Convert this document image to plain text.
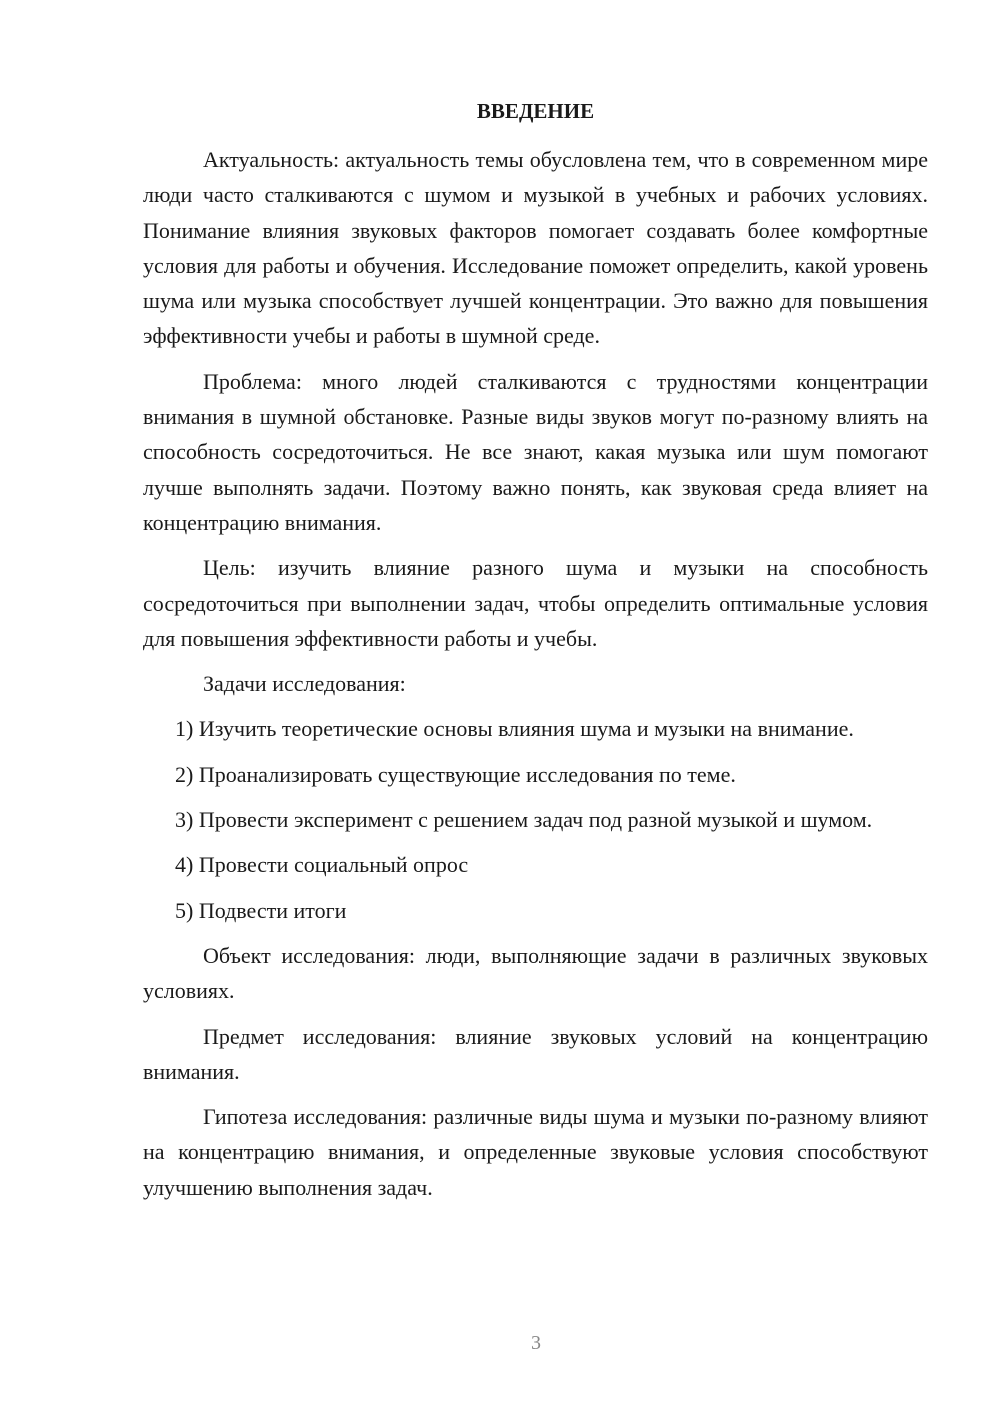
ВВЕДЕНИЕ

Актуальность: актуальность темы обусловлена тем, что в современном мире люди часто сталкиваются с шумом и музыкой в учебных и рабочих условиях. Понимание влияния звуковых факторов помогает создавать более комфортные условия для работы и обучения. Исследование поможет определить, какой уровень шума или музыка способствует лучшей концентрации. Это важно для повышения эффективности учебы и работы в шумной среде.

Проблема: много людей сталкиваются с трудностями концентрации внимания в шумной обстановке. Разные виды звуков могут по-разному влиять на способность сосредоточиться. Не все знают, какая музыка или шум помогают лучше выполнять задачи. Поэтому важно понять, как звуковая среда влияет на концентрацию внимания.

Цель: изучить влияние разного шума и музыки на способность сосредоточиться при выполнении задач, чтобы определить оптимальные условия для повышения эффективности работы и учебы.

Задачи исследования:

1) Изучить теоретические основы влияния шума и музыки на внимание.

2) Проанализировать существующие исследования по теме.

3) Провести эксперимент с решением задач под разной музыкой и шумом.

4) Провести социальный опрос

5) Подвести итоги

Объект исследования: люди, выполняющие задачи в различных звуковых условиях.

Предмет исследования: влияние звуковых условий на концентрацию внимания.

Гипотеза исследования: различные виды шума и музыки по-разному влияют на концентрацию внимания, и определенные звуковые условия способствуют улучшению выполнения задач.

3
